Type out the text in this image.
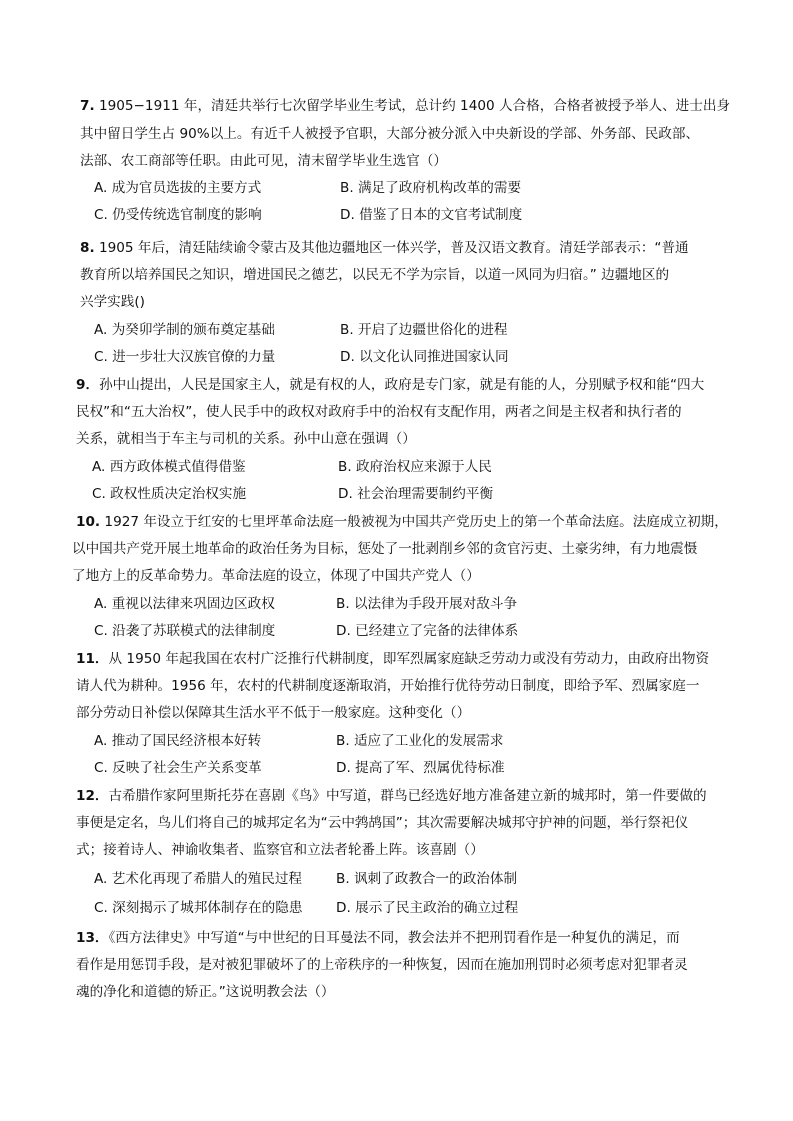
7. 1905−1911 年，清廷共举行七次留学毕业生考试，总计约 1400 人合格，合格者被授予举人、进士出身
其中留日学生占 90%以上。有近千人被授予官职，大部分被分派入中央新设的学部、外务部、民政部、
法部、农工商部等任职。由此可见，清末留学毕业生选官（）
A. 成为官员选拔的主要方式	B. 满足了政府机构改革的需要
C. 仍受传统选官制度的影响	D. 借鉴了日本的文官考试制度
8. 1905 年后，清廷陆续谕令蒙古及其他边疆地区一体兴学，普及汉语文教育。清廷学部表示：“普通
教育所以培养国民之知识，增进国民之德艺，以民无不学为宗旨，以道一风同为归宿。” 边疆地区的
兴学实践()
A. 为癸卯学制的颁布奠定基础	B. 开启了边疆世俗化的进程
C. 进一步壮大汉族官僚的力量	D. 以文化认同推进国家认同
9．孙中山提出，人民是国家主人，就是有权的人，政府是专门家，就是有能的人，分别赋予权和能“四大
民权”和“五大治权”，使人民手中的政权对政府手中的治权有支配作用，两者之间是主权者和执行者的
关系，就相当于车主与司机的关系。孙中山意在强调（）
A. 西方政体模式值得借鉴	B. 政府治权应来源于人民
C. 政权性质决定治权实施	D. 社会治理需要制约平衡
10. 1927 年设立于红安的七里坪革命法庭一般被视为中国共产党历史上的第一个革命法庭。法庭成立初期，
以中国共产党开展土地革命的政治任务为目标，惩处了一批剥削乡邻的贪官污吏、土豪劣绅，有力地震慑
了地方上的反革命势力。革命法庭的设立，体现了中国共产党人（）
A. 重视以法律来巩固边区政权	B. 以法律为手段开展对敌斗争
C. 沿袭了苏联模式的法律制度	D. 已经建立了完备的法律体系
11．从 1950 年起我国在农村广泛推行代耕制度，即军烈属家庭缺乏劳动力或没有劳动力，由政府出物资
请人代为耕种。1956 年，农村的代耕制度逐渐取消，开始推行优待劳动日制度，即给予军、烈属家庭一
部分劳动日补偿以保障其生活水平不低于一般家庭。这种变化（）
A. 推动了国民经济根本好转	B. 适应了工业化的发展需求
C. 反映了社会生产关系变革	D. 提高了军、烈属优待标准
12．古希腊作家阿里斯托芬在喜剧《鸟》中写道，群鸟已经选好地方准备建立新的城邦时，第一件要做的
事便是定名，鸟儿们将自己的城邦定名为“云中鹁鸪国”；其次需要解决城邦守护神的问题，举行祭祀仪
式；接着诗人、神谕收集者、监察官和立法者轮番上阵。该喜剧（）
A. 艺术化再现了希腊人的殖民过程 B. 讽刺了政教合一的政治体制
C. 深刻揭示了城邦体制存在的隐患 D. 展示了民主政治的确立过程
13．《西方法律史》中写道“与中世纪的日耳曼法不同，教会法并不把刑罚看作是一种复仇的满足，而
看作是用惩罚手段，是对被犯罪破坏了的上帝秩序的一种恢复，因而在施加刑罚时必须考虑对犯罪者灵
魂的净化和道德的矫正。”这说明教会法（）
